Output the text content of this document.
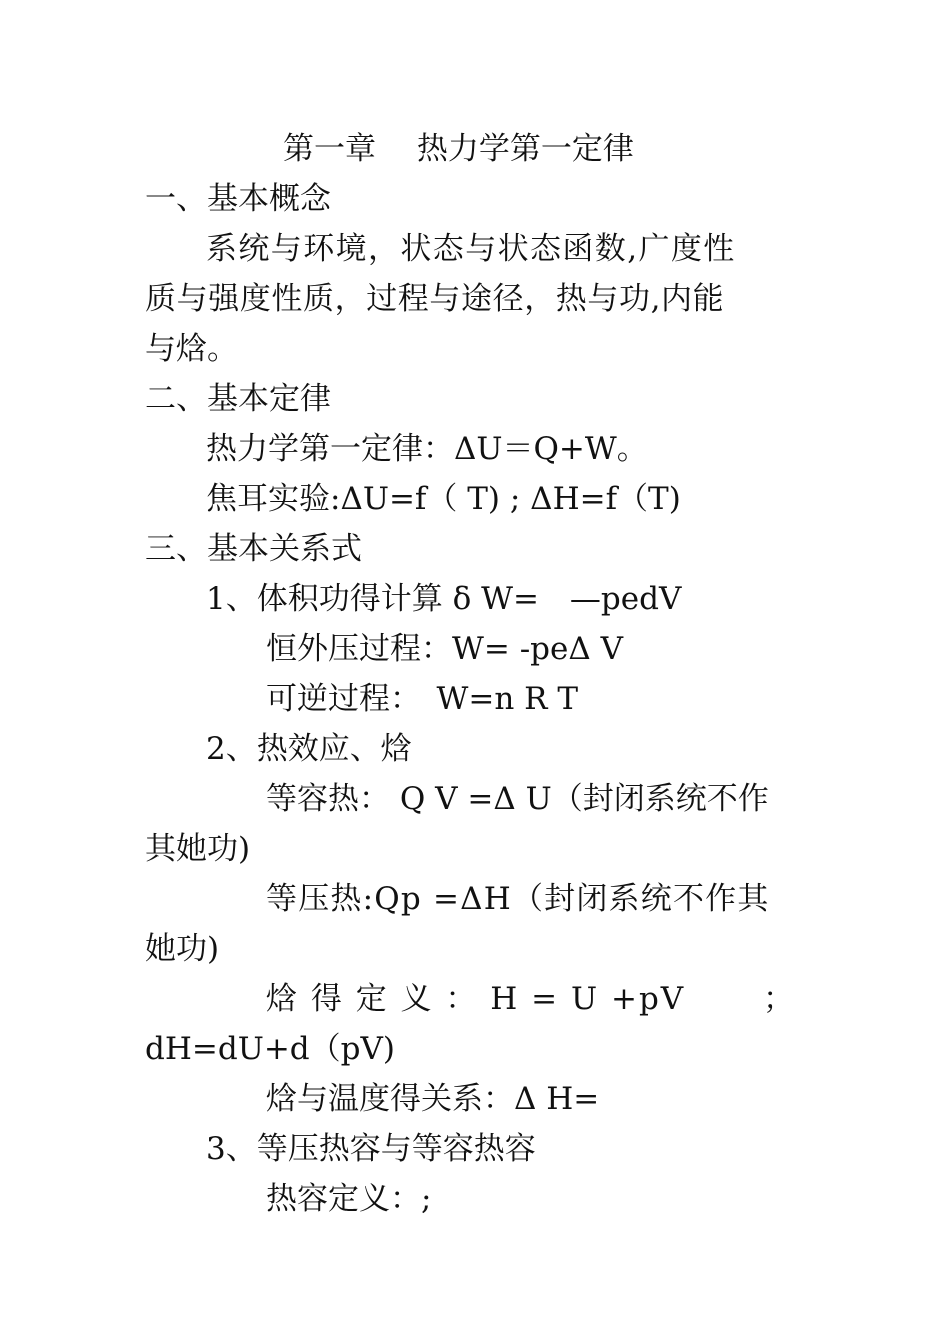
第一章　 热力学第一定律
一、基本概念
系统与环境，状态与状态函数,广度性
质与强度性质，过程与途径，热与功,内能
与焓。
二、基本定律
热力学第一定律：ΔU＝Q+W。
焦耳实验:ΔU=f（ T) ; ΔH=f（T)
三、基本关系式
1、体积功得计算 δ W=　—pedV
恒外压过程：W= -peΔ V
可逆过程：　W=n R T
2、热效应、焓
等容热： Q V =Δ U（封闭系统不作
其她功)
等压热:Qp =ΔH（封闭系统不作其
她功)
焓 得 定 义 ： H = U +pV　　 ；
dH=dU+d（pV)
焓与温度得关系：Δ H=
3、等压热容与等容热容
热容定义：;
